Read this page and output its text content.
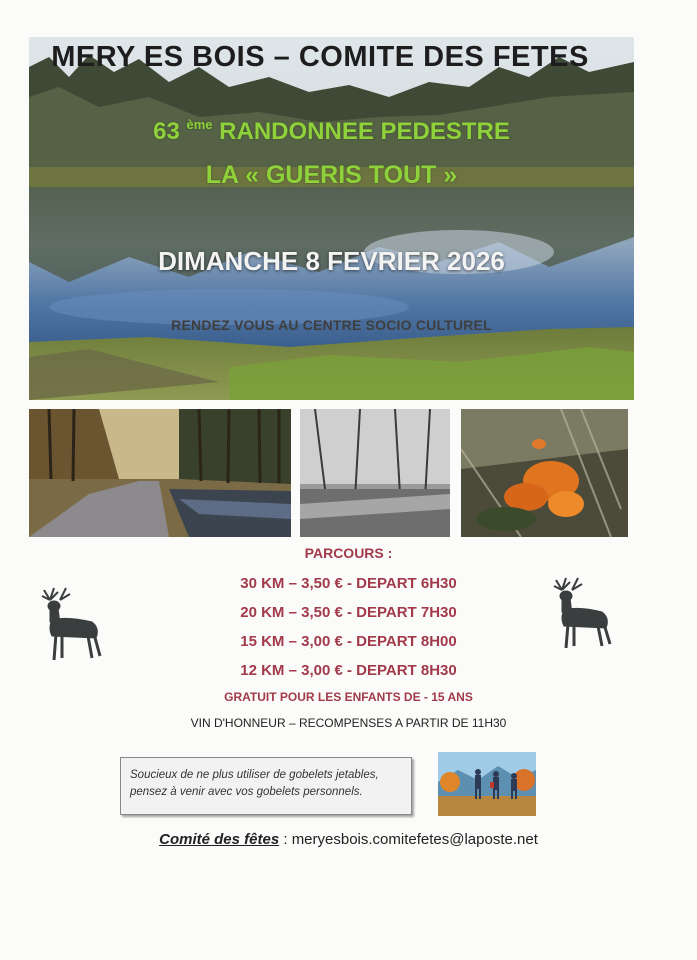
MERY ES BOIS – COMITE DES FETES
63 $^{ème}$ RANDONNEE PEDESTRE
LA « GUERIS TOUT »
DIMANCHE 8 FEVRIER 2026
RENDEZ VOUS AU CENTRE SOCIO CULTUREL
PARCOURS :
30 KM – 3,50 € - DEPART 6H30
20 KM – 3,50 € - DEPART 7H30
15 KM – 3,00 € - DEPART 8H00
12 KM – 3,00 € - DEPART 8H30
GRATUIT POUR LES ENFANTS DE - 15 ANS
VIN D'HONNEUR – RECOMPENSES A PARTIR DE 11H30
Soucieux de ne plus utiliser de gobelets jetables,
pensez à venir avec vos gobelets personnels.
Comité des fêtes : meryesbois.comitefetes@laposte.net
